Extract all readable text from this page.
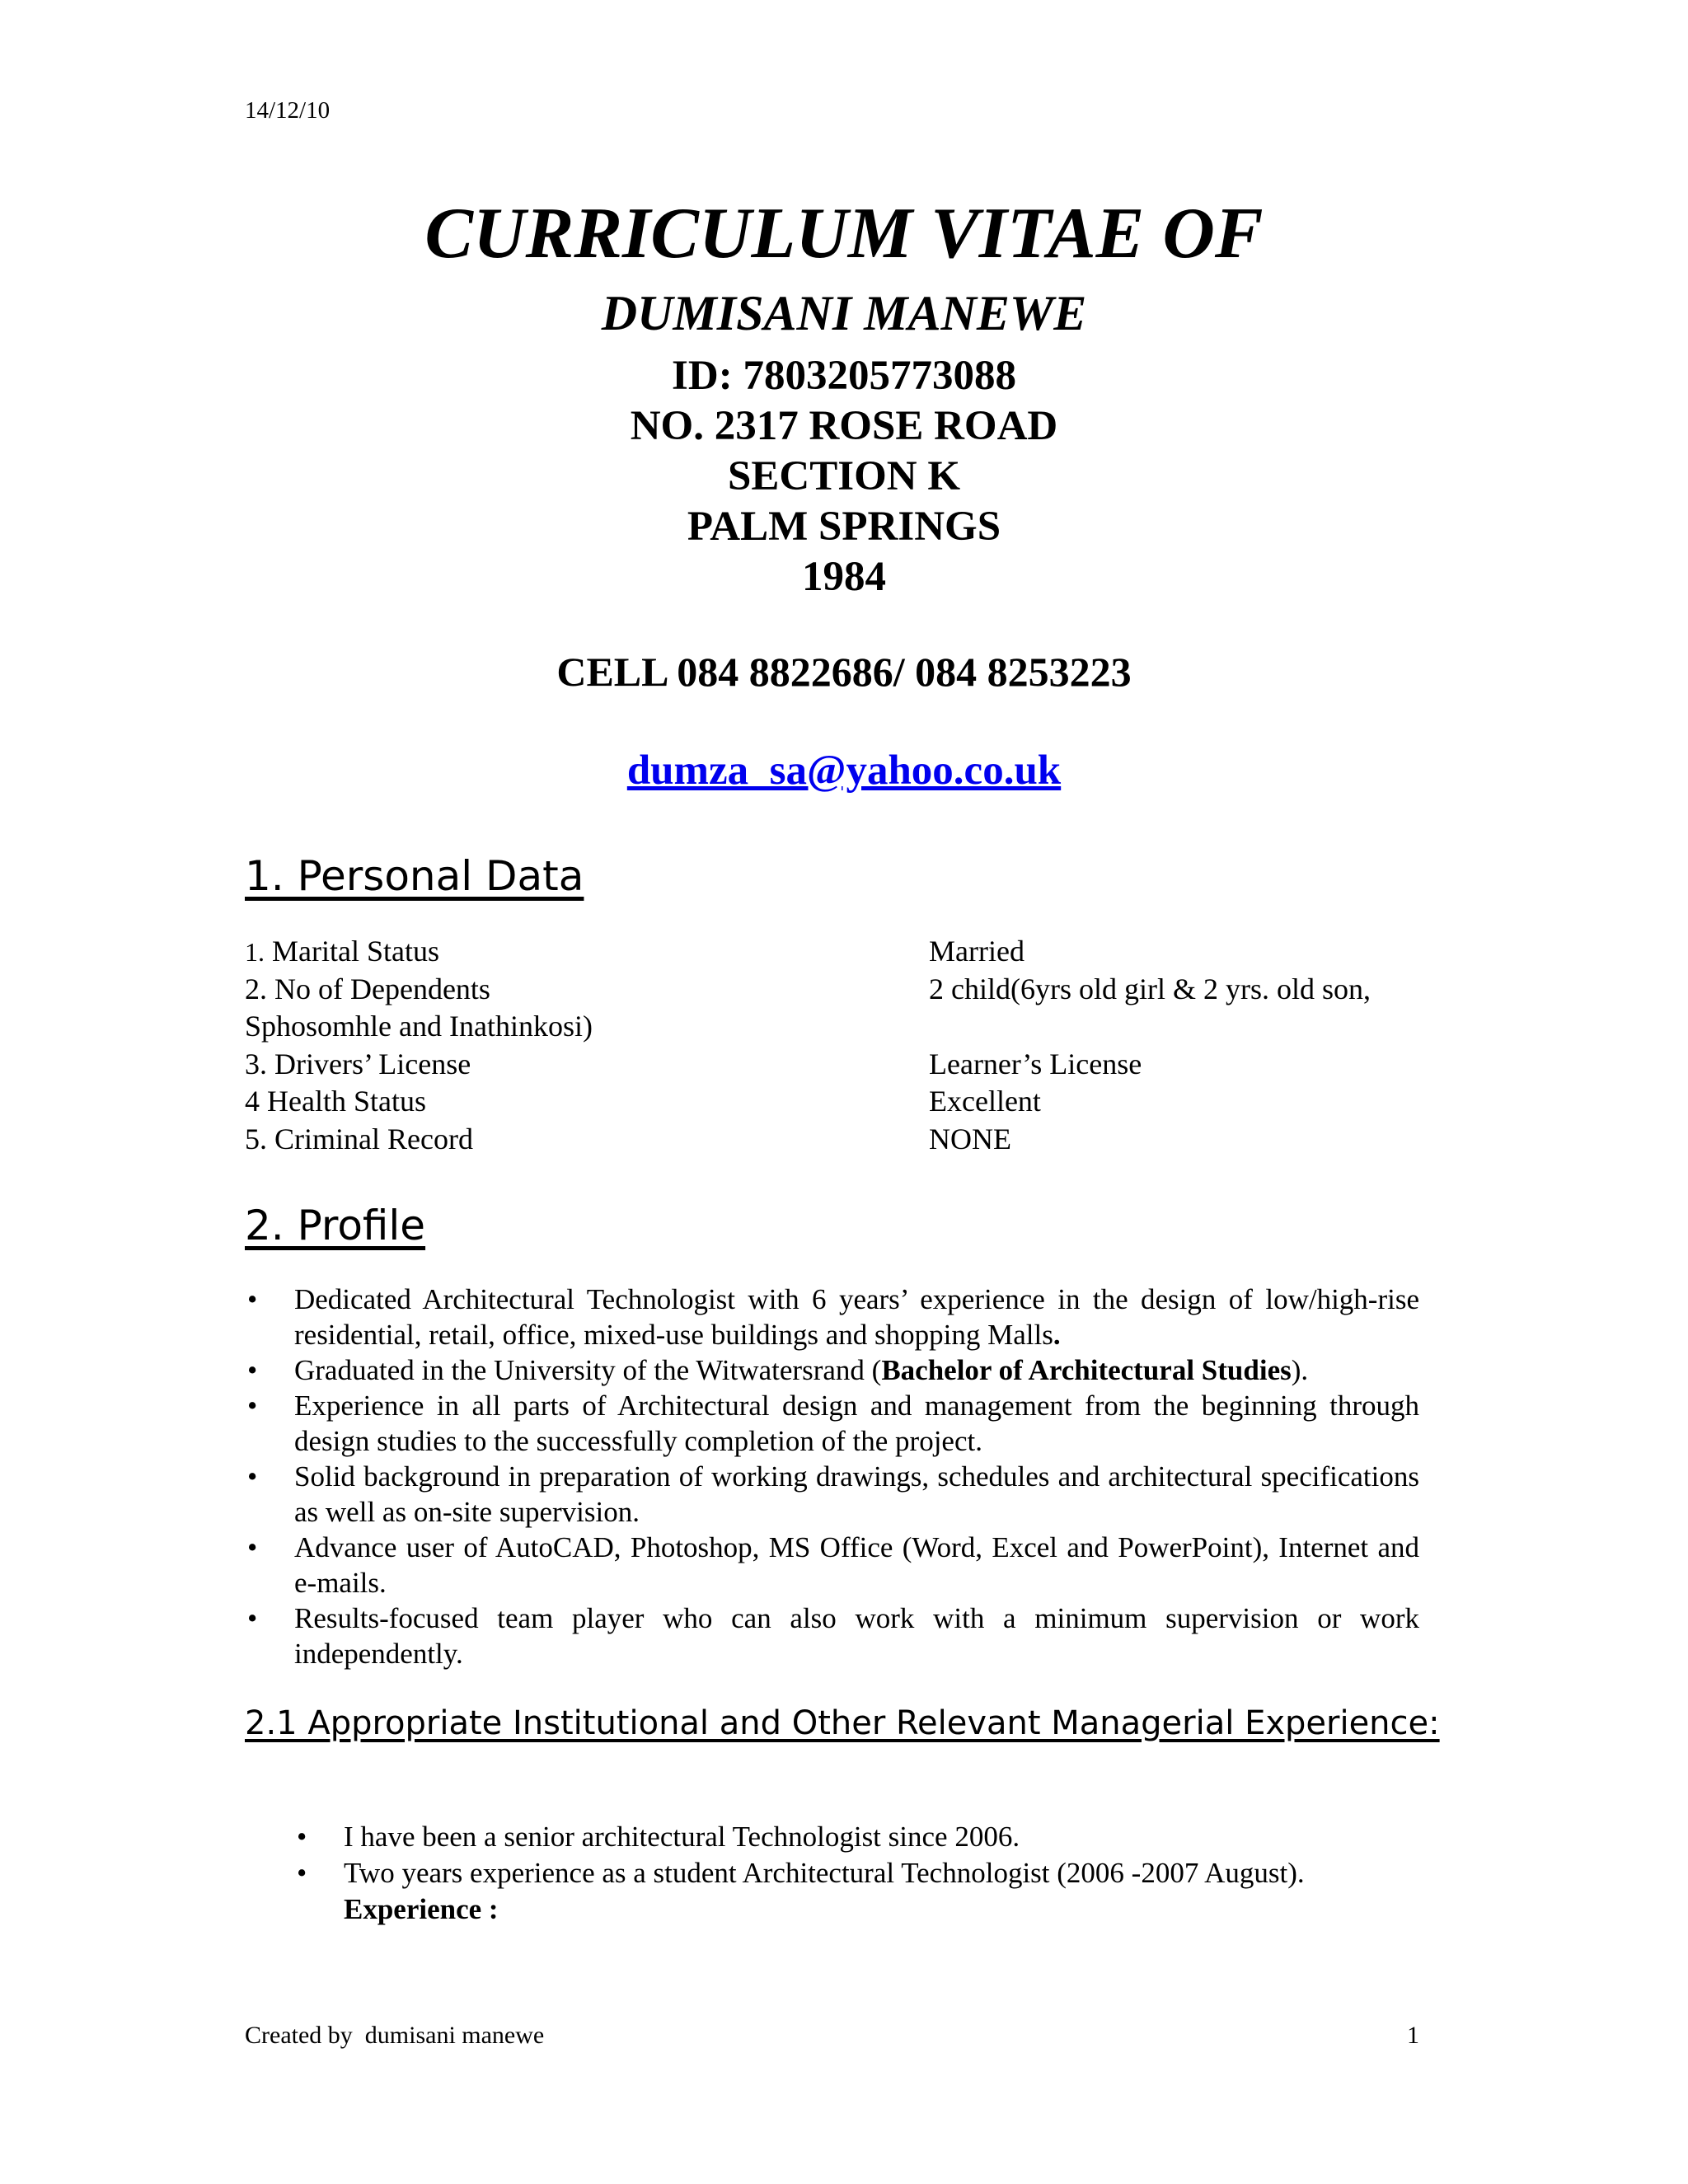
14/12/10
CURRICULUM VITAE OF
DUMISANI MANEWE
ID: 7803205773088
NO. 2317 ROSE ROAD
SECTION K
PALM SPRINGS
1984
CELL 084 8822686/ 084 8253223
dumza_sa@yahoo.co.uk
1. Personal Data
1. Marital Status	Married
2. No of Dependents	2 child(6yrs old girl & 2 yrs. old son,
Sphosomhle and Inathinkosi)
3. Drivers’ License	Learner’s License
4 Health Status	Excellent
5. Criminal Record	NONE
2. Profile
• Dedicated Architectural Technologist with 6 years’ experience in the design of low/high-rise residential, retail, office, mixed-use buildings and shopping Malls.
• Graduated in the University of the Witwatersrand (Bachelor of Architectural Studies).
• Experience in all parts of Architectural design and management from the beginning through design studies to the successfully completion of the project.
• Solid background in preparation of working drawings, schedules and architectural specifications as well as on-site supervision.
• Advance user of AutoCAD, Photoshop, MS Office (Word, Excel and PowerPoint), Internet and e-mails.
• Results-focused team player who can also work with a minimum supervision or work independently.
2.1 Appropriate Institutional and Other Relevant Managerial Experience:
• I have been a senior architectural Technologist since 2006.
• Two years experience as a student Architectural Technologist (2006 -2007 August).
Experience :
Created by  dumisani manewe	1
